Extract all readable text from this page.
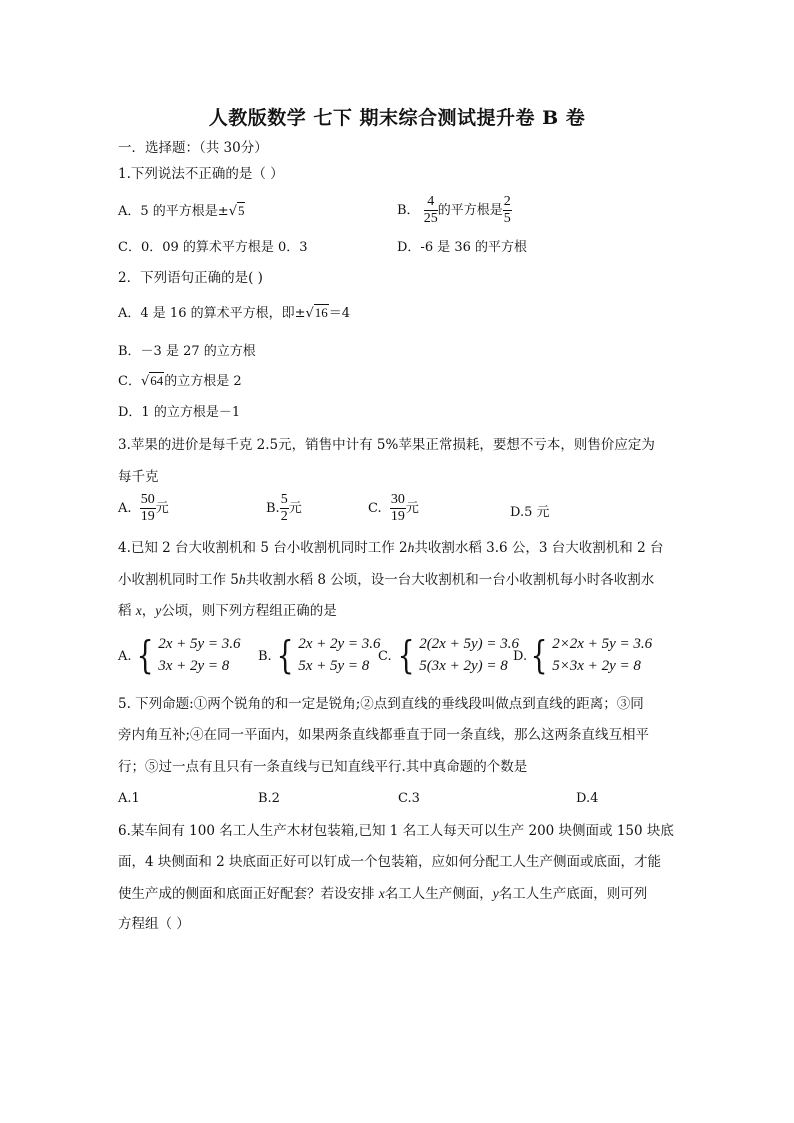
人教版数学 七下 期末综合测试提升卷 B 卷
一．选择题：（共 30分）
1.下列说法不正确的是（ ）
A．5 的平方根是±√5	B． $\frac{4}{25}$ 的平方根是 $\frac{2}{5}$
C．0．09 的算术平方根是 0．3	D．-6 是 36 的平方根
2．下列语句正确的是( )
A．4 是 16 的算术平方根，即±√16＝4
B．－3 是 27 的立方根
C．√64的立方根是 2
D．1 的立方根是－1
3.苹果的进价是每千克 2.5元，销售中计有 5%苹果正常损耗，要想不亏本，则售价应定为
每千克
A. $\frac{50}{19}$ 元	B. $\frac{5}{2}$ 元	C. $\frac{30}{19}$ 元	D.5 元
4.已知 2 台大收割机和 5 台小收割机同时工作 2h共收割水稻 3.6 公，3 台大收割机和 2 台
小收割机同时工作 5h共收割水稻 8 公顷，设一台大收割机和一台小收割机每小时各收割水
稻 x，y公顷，则下列方程组正确的是
A. { 2x + 5y = 3.6
3x + 2y = 8
B. { 2x + 2y = 3.6
5x + 5y = 8
C. { 2(2x + 5y) = 3.6
5(3x + 2y) = 8
D. { 2×2x + 5y = 3.6
5×3x + 2y = 8
5. 下列命题:①两个锐角的和一定是锐角;②点到直线的垂线段叫做点到直线的距离；③同
旁内角互补;④在同一平面内，如果两条直线都垂直于同一条直线，那么这两条直线互相平
行；⑤过一点有且只有一条直线与已知直线平行.其中真命题的个数是
A.1	B.2	C.3	D.4
6.某车间有 100 名工人生产木材包装箱,已知 1 名工人每天可以生产 200 块侧面或 150 块底
面，4 块侧面和 2 块底面正好可以钉成一个包装箱，应如何分配工人生产侧面或底面，才能
使生产成的侧面和底面正好配套？若设安排 x名工人生产侧面，y名工人生产底面，则可列
方程组（ ）
